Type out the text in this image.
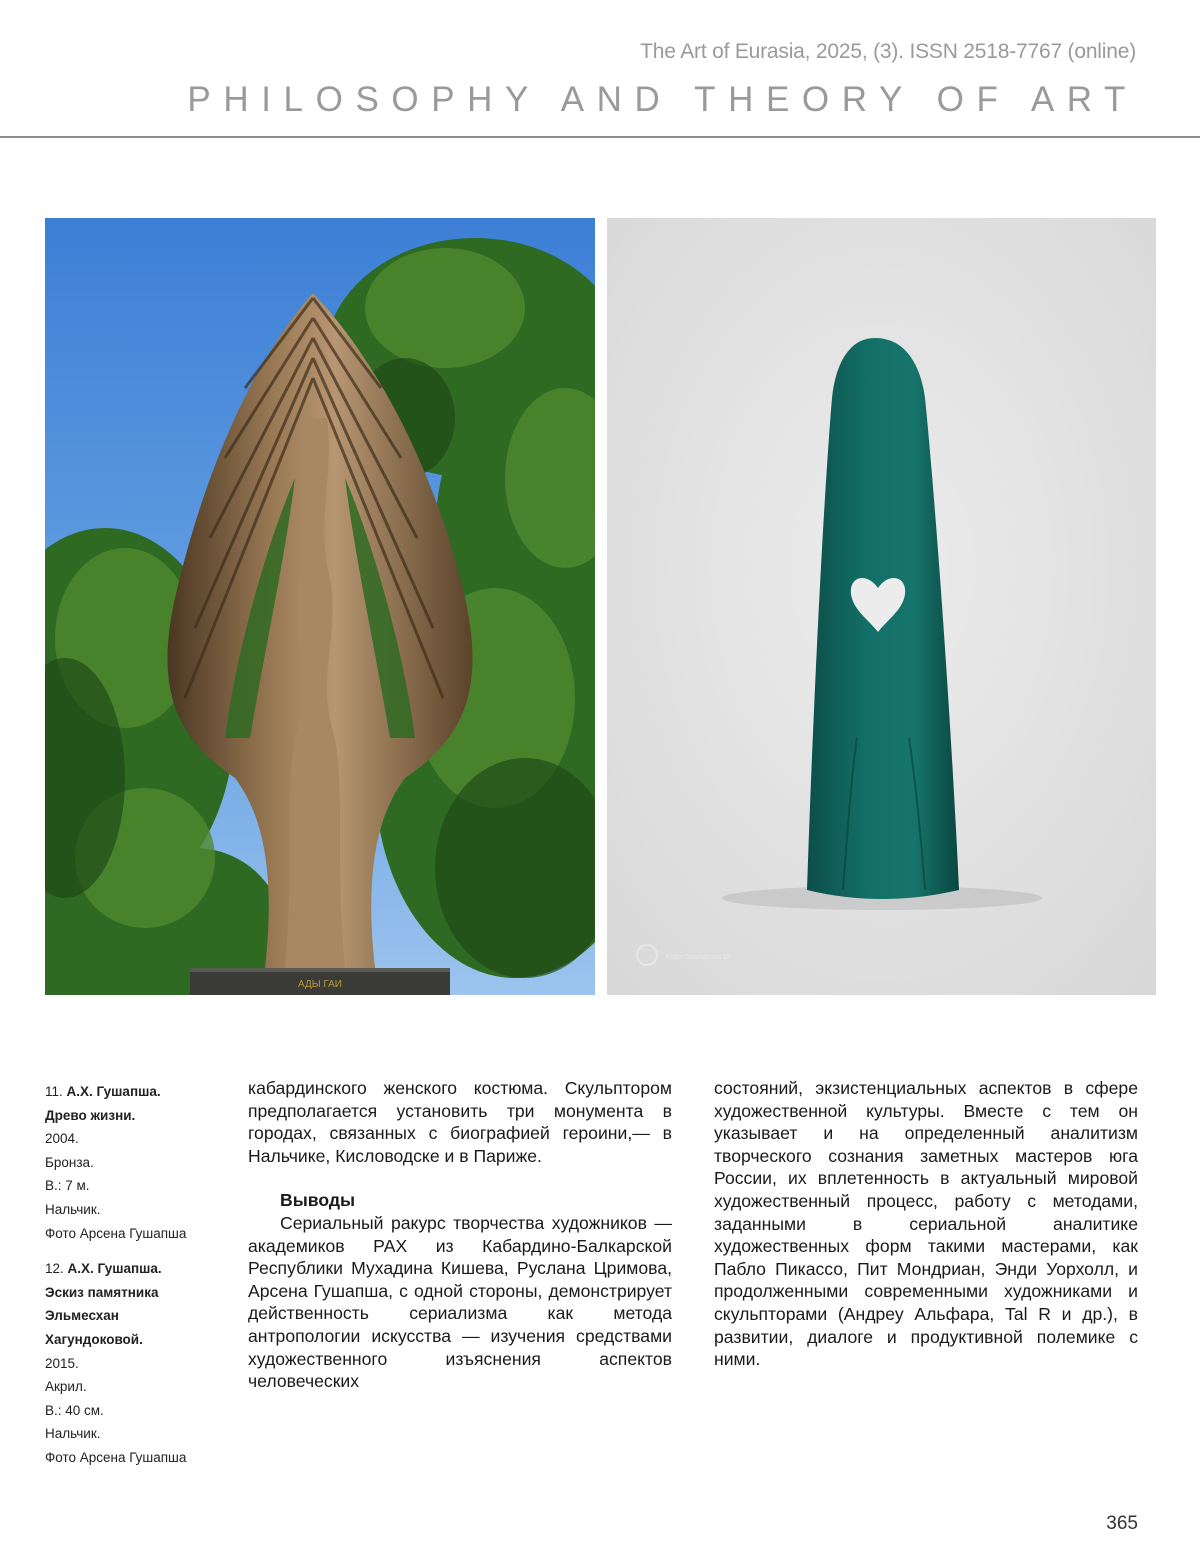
The Art of Eurasia, 2025, (3). ISSN 2518-7767 (online)
PHILOSOPHY AND THEORY OF ART
АДЫ ГАИ
Arsen Gushapsha 15
11. А.Х. Гушапша.
Древо жизни.
2004.
Бронза.
В.: 7 м.
Нальчик.
Фото Арсена Гушапша
12. А.Х. Гушапша.
Эскиз памятника
Эльмесхан
Хагундоковой.
2015.
Акрил.
В.: 40 см.
Нальчик.
Фото Арсена Гушапша

кабардинского женского костюма. Скульптором предполагается установить три монумента в городах, связанных с биографией героини,— в Нальчике, Кисловодске и в Париже.

Выводы

Сериальный ракурс творчества художников — академиков РАХ из Кабардино-Балкарской Республики Мухадина Кишева, Руслана Цримова, Арсена Гушапша, с одной стороны, демонстрирует действенность сериализма как метода антропологии искусства — изучения средствами художественного изъяснения аспектов человеческих

состояний, экзистенциальных аспектов в сфере художественной культуры. Вместе с тем он указывает и на определенный аналитизм творческого сознания заметных мастеров юга России, их вплетенность в актуальный мировой художественный процесс, работу с методами, заданными в сериальной аналитике художественных форм такими мастерами, как Пабло Пикассо, Пит Мондриан, Энди Уорхолл, и продолженными современными художниками и скульпторами (Андреу Альфара, Tal R и др.), в развитии, диалоге и продуктивной полемике с ними.

365
